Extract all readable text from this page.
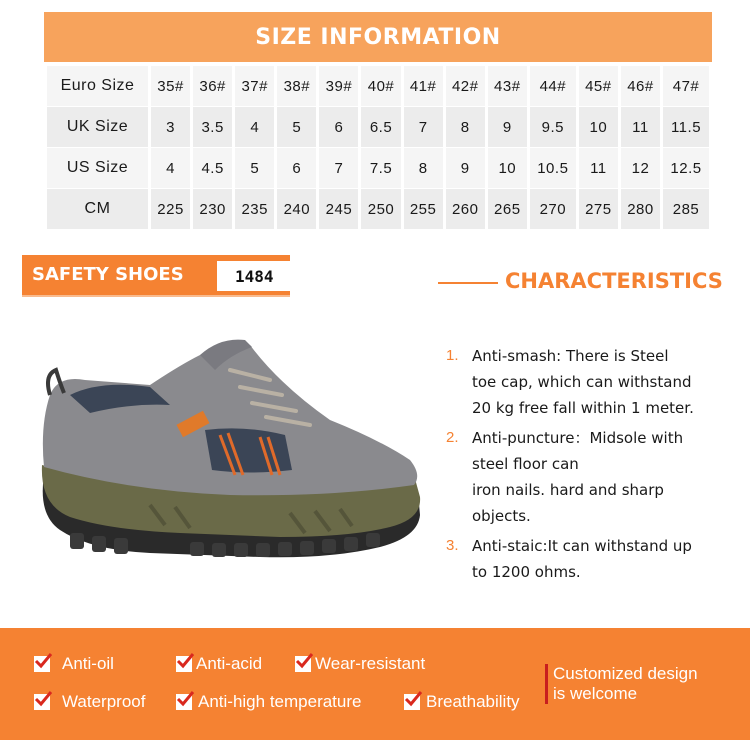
SIZE INFORMATION
Euro Size	35#	36#	37#	38#	39#	40#	41#	42#	43#	44#	45#	46#	47#
UK Size	3	3.5	4	5	6	6.5	7	8	9	9.5	10	11	11.5
US Size	4	4.5	5	6	7	7.5	8	9	10	10.5	11	12	12.5
CM	225	230	235	240	245	250	255	260	265	270	275	280	285
SAFETY SHOES	1484	CHARACTERISTICS
1. Anti-smash: There is Steel
toe cap, which can withstand
20 kg free fall within 1 meter.
2. Anti-puncture：Midsole with
steel floor can
iron nails. hard and sharp
objects.
3. Anti-staic:It can withstand up
to 1200 ohms.
Anti-oil	Anti-acid	Wear-resistant
Waterproof	Anti-high temperature	Breathability
Customized design
is welcome
